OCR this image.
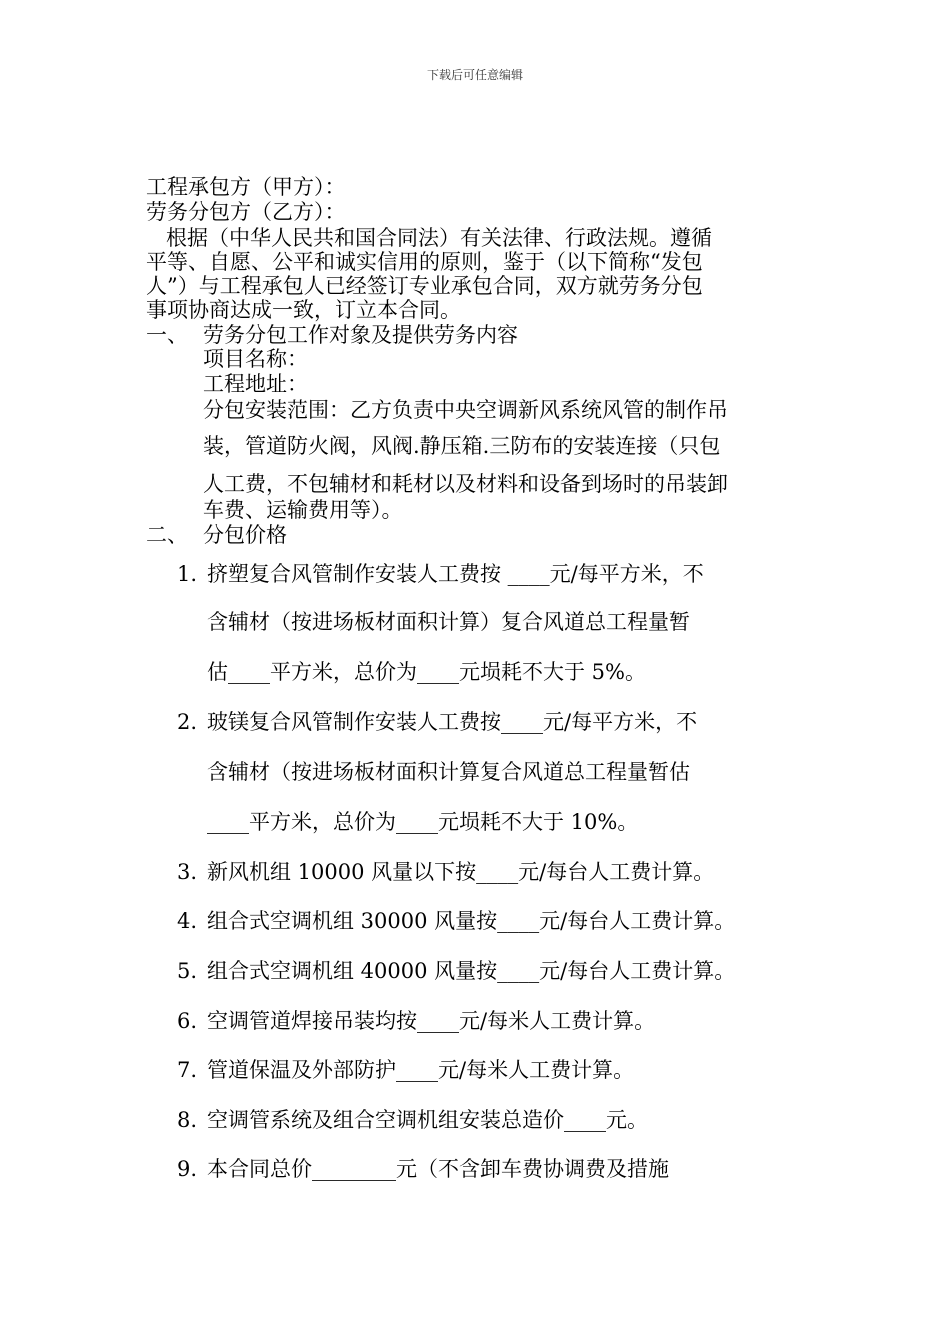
下载后可任意编辑
工程承包方（甲方）：
劳务分包方（乙方）：
根据（中华人民共和国合同法）有关法律、行政法规。遵循
平等、自愿、公平和诚实信用的原则，鉴于（以下简称“发包
人”）与工程承包人已经签订专业承包合同，双方就劳务分包
事项协商达成一致，订立本合同。
一、 劳务分包工作对象及提供劳务内容
项目名称：
工程地址：
分包安装范围：乙方负责中央空调新风系统风管的制作吊
装，管道防火阀，风阀.静压箱.三防布的安装连接（只包
人工费，不包辅材和耗材以及材料和设备到场时的吊装卸
车费、运输费用等）。
二、 分包价格
1. 挤塑复合风管制作安装人工费按 ____元/每平方米，不
含辅材（按进场板材面积计算）复合风道总工程量暂
估____平方米，总价为____元埙耗不大于 5%。
2. 玻镁复合风管制作安装人工费按____元/每平方米，不
含辅材（按进场板材面积计算复合风道总工程量暂估
____平方米，总价为____元埙耗不大于 10%。
3. 新风机组 10000 风量以下按____元/每台人工费计算。
4. 组合式空调机组 30000 风量按____元/每台人工费计算。
5. 组合式空调机组 40000 风量按____元/每台人工费计算。
6. 空调管道焊接吊装均按____元/每米人工费计算。
7. 管道保温及外部防护____元/每米人工费计算。
8. 空调管系统及组合空调机组安装总造价____元。
9. 本合同总价________元（不含卸车费协调费及措施
